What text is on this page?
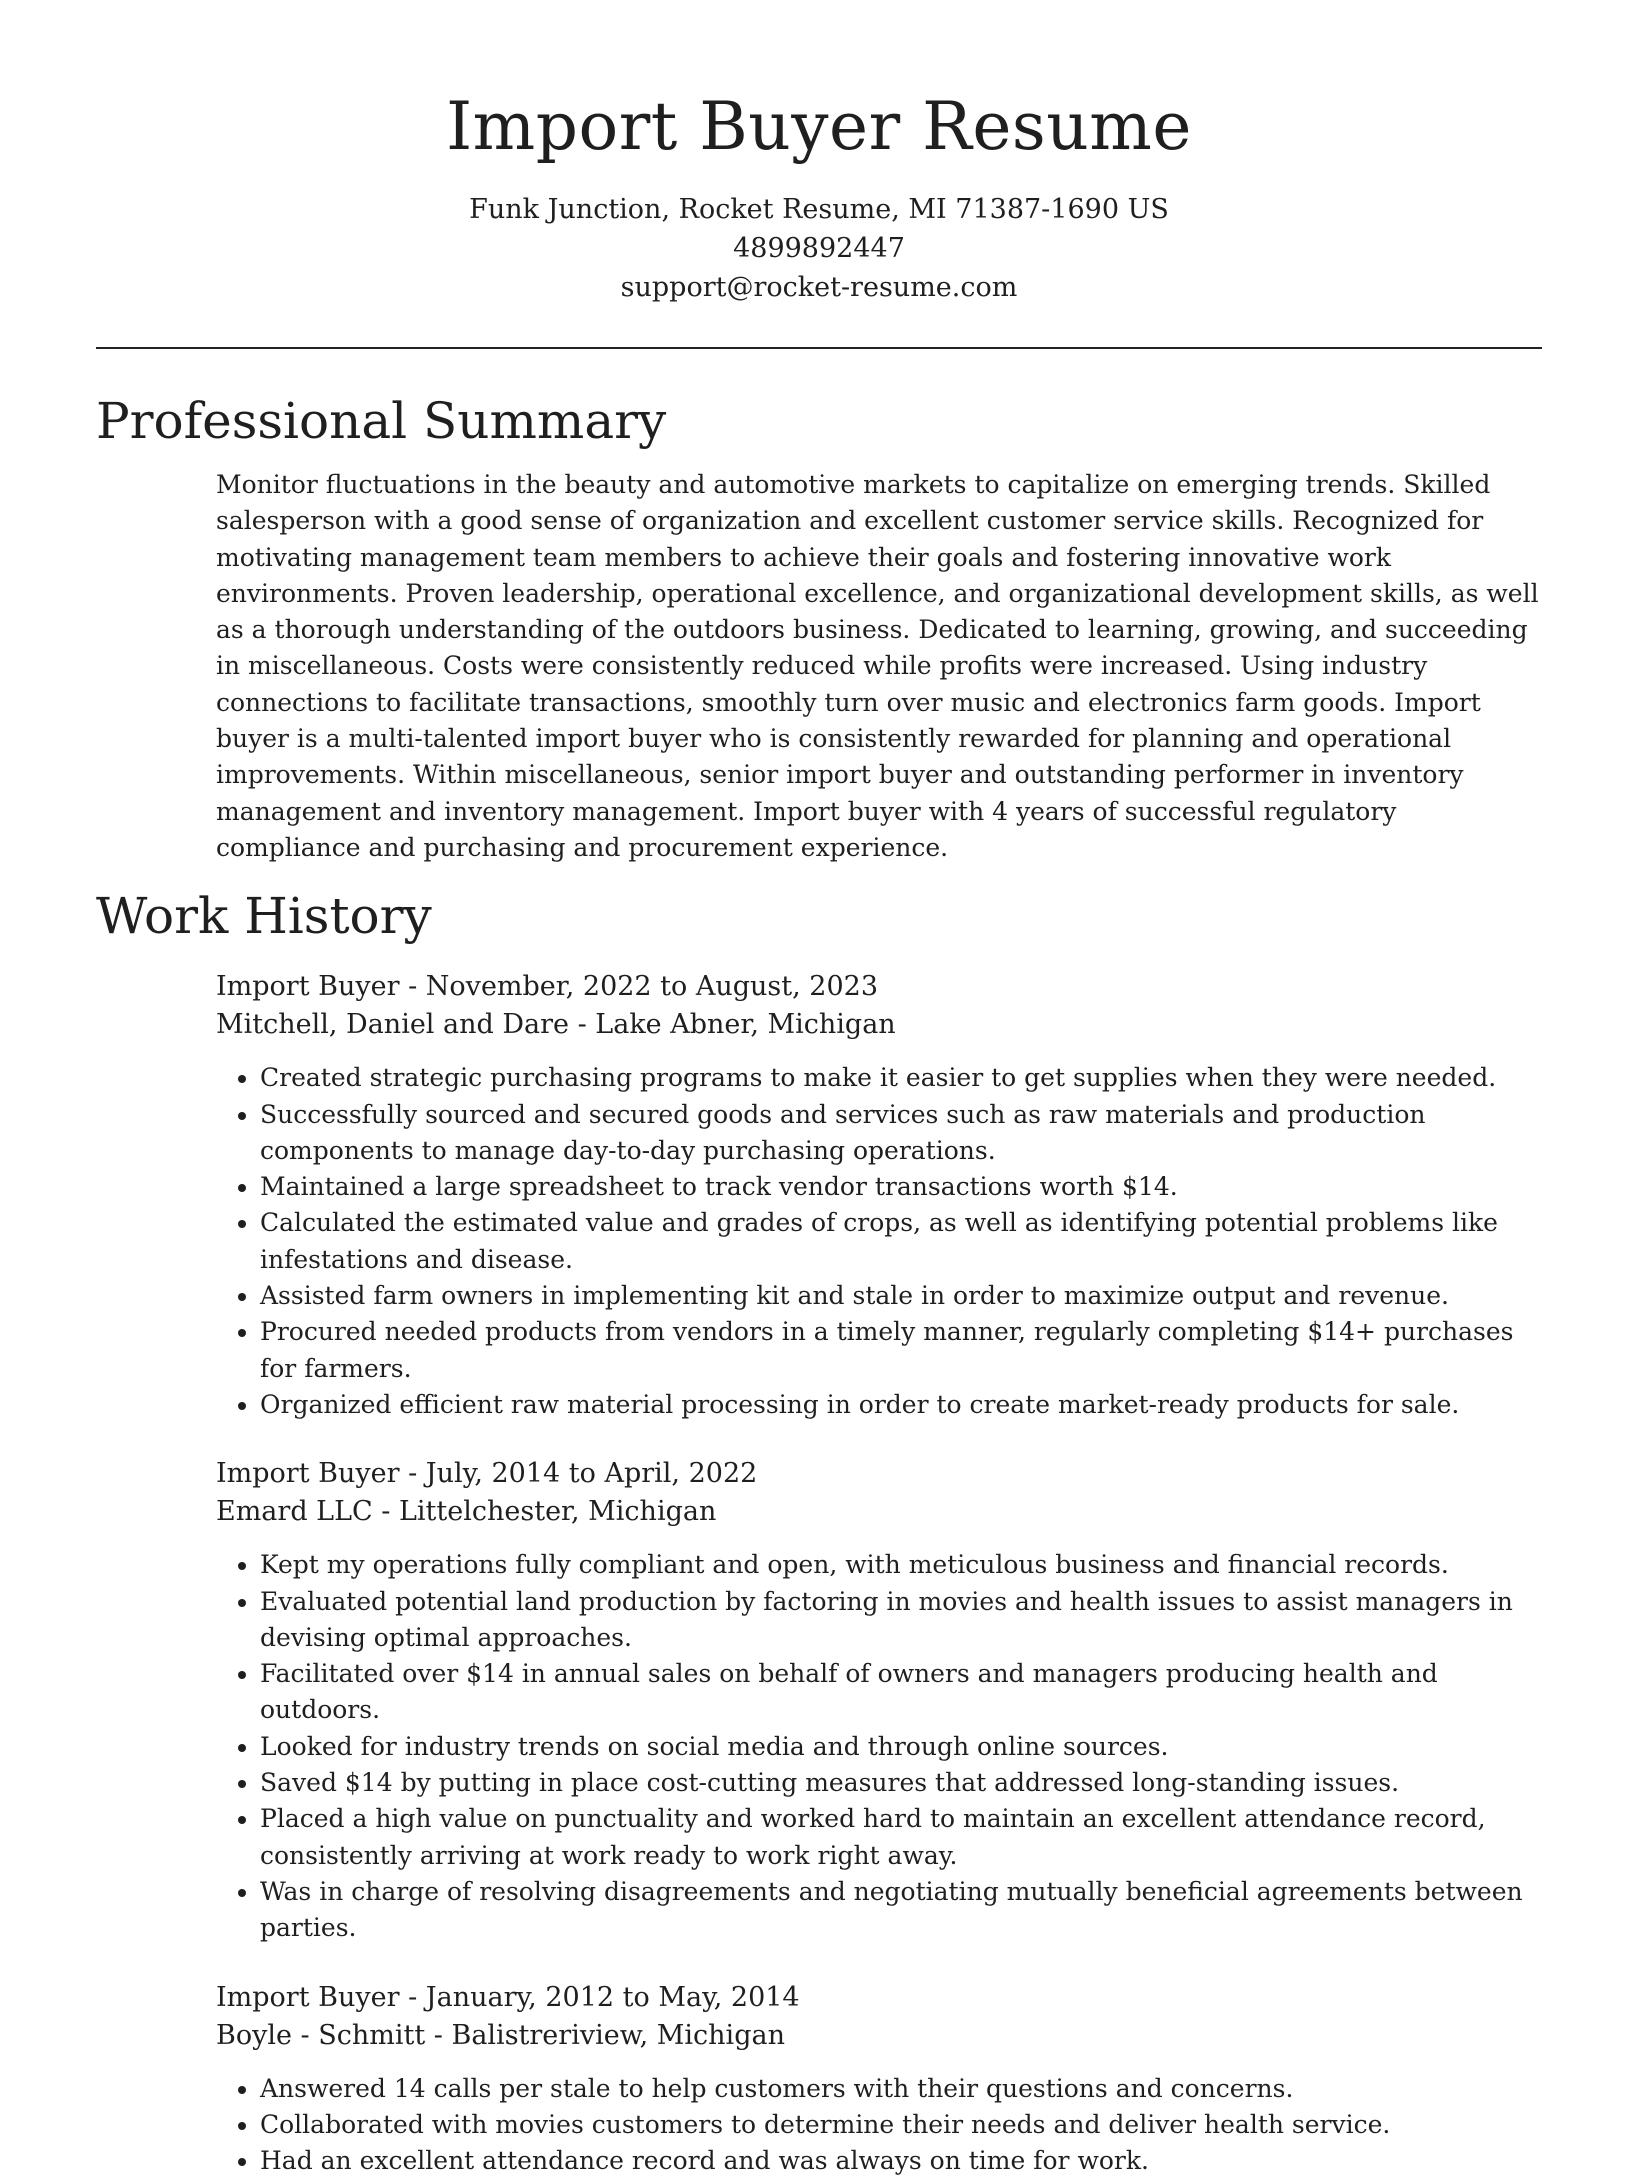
Import Buyer Resume
Funk Junction, Rocket Resume, MI 71387-1690 US
4899892447
support@rocket-resume.com
Professional Summary

Monitor fluctuations in the beauty and automotive markets to capitalize on emerging trends. Skilled salesperson with a good sense of organization and excellent customer service skills. Recognized for motivating management team members to achieve their goals and fostering innovative work environments. Proven leadership, operational excellence, and organizational development skills, as well as a thorough understanding of the outdoors business. Dedicated to learning, growing, and succeeding in miscellaneous. Costs were consistently reduced while profits were increased. Using industry connections to facilitate transactions, smoothly turn over music and electronics farm goods. Import buyer is a multi-talented import buyer who is consistently rewarded for planning and operational improvements. Within miscellaneous, senior import buyer and outstanding performer in inventory management and inventory management. Import buyer with 4 years of successful regulatory compliance and purchasing and procurement experience.

Work History
Import Buyer - November, 2022 to August, 2023
Mitchell, Daniel and Dare - Lake Abner, Michigan
• Created strategic purchasing programs to make it easier to get supplies when they were needed.
• Successfully sourced and secured goods and services such as raw materials and production components to manage day-to-day purchasing operations.
• Maintained a large spreadsheet to track vendor transactions worth $14.
• Calculated the estimated value and grades of crops, as well as identifying potential problems like infestations and disease.
• Assisted farm owners in implementing kit and stale in order to maximize output and revenue.
• Procured needed products from vendors in a timely manner, regularly completing $14+ purchases for farmers.
• Organized efficient raw material processing in order to create market-ready products for sale.
Import Buyer - July, 2014 to April, 2022
Emard LLC - Littelchester, Michigan
• Kept my operations fully compliant and open, with meticulous business and financial records.
• Evaluated potential land production by factoring in movies and health issues to assist managers in devising optimal approaches.
• Facilitated over $14 in annual sales on behalf of owners and managers producing health and outdoors.
• Looked for industry trends on social media and through online sources.
• Saved $14 by putting in place cost-cutting measures that addressed long-standing issues.
• Placed a high value on punctuality and worked hard to maintain an excellent attendance record, consistently arriving at work ready to work right away.
• Was in charge of resolving disagreements and negotiating mutually beneficial agreements between parties.
Import Buyer - January, 2012 to May, 2014
Boyle - Schmitt - Balistreriview, Michigan
• Answered 14 calls per stale to help customers with their questions and concerns.
• Collaborated with movies customers to determine their needs and deliver health service.
• Had an excellent attendance record and was always on time for work.
